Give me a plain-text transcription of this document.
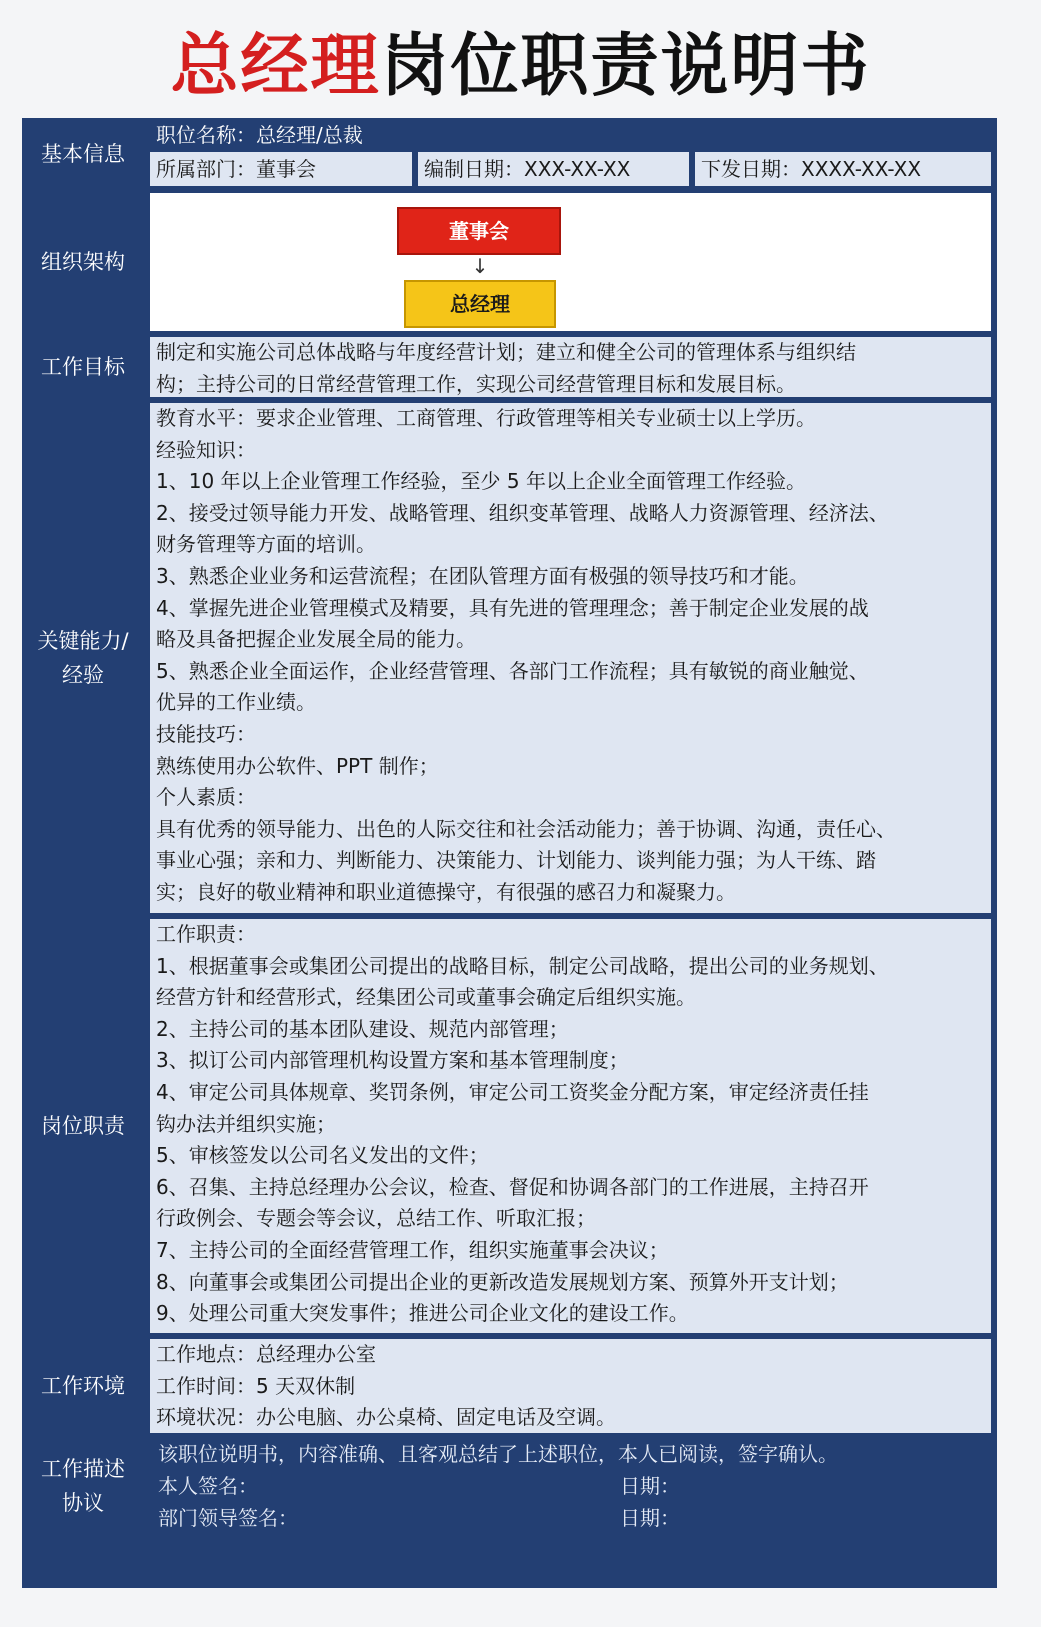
总经理岗位职责说明书
基本信息
职位名称：总经理/总裁
所属部门：董事会	编制日期：XXX-XX-XX	下发日期：XXXX-XX-XX
组织架构
董事会
↓
总经理
工作目标
制定和实施公司总体战略与年度经营计划；建立和健全公司的管理体系与组织结
构；主持公司的日常经营管理工作，实现公司经营管理目标和发展目标。
关键能力/
经验
教育水平：要求企业管理、工商管理、行政管理等相关专业硕士以上学历。
经验知识：
1、10 年以上企业管理工作经验，至少 5 年以上企业全面管理工作经验。
2、接受过领导能力开发、战略管理、组织变革管理、战略人力资源管理、经济法、
财务管理等方面的培训。
3、熟悉企业业务和运营流程；在团队管理方面有极强的领导技巧和才能。
4、掌握先进企业管理模式及精要，具有先进的管理理念；善于制定企业发展的战
略及具备把握企业发展全局的能力。
5、熟悉企业全面运作，企业经营管理、各部门工作流程；具有敏锐的商业触觉、
优异的工作业绩。
技能技巧：
熟练使用办公软件、PPT 制作；
个人素质：
具有优秀的领导能力、出色的人际交往和社会活动能力；善于协调、沟通，责任心、
事业心强；亲和力、判断能力、决策能力、计划能力、谈判能力强；为人干练、踏
实；良好的敬业精神和职业道德操守，有很强的感召力和凝聚力。
岗位职责
工作职责：
1、根据董事会或集团公司提出的战略目标，制定公司战略，提出公司的业务规划、
经营方针和经营形式，经集团公司或董事会确定后组织实施。
2、主持公司的基本团队建设、规范内部管理；
3、拟订公司内部管理机构设置方案和基本管理制度；
4、审定公司具体规章、奖罚条例，审定公司工资奖金分配方案，审定经济责任挂
钩办法并组织实施；
5、审核签发以公司名义发出的文件；
6、召集、主持总经理办公会议，检查、督促和协调各部门的工作进展，主持召开
行政例会、专题会等会议，总结工作、听取汇报；
7、主持公司的全面经营管理工作，组织实施董事会决议；
8、向董事会或集团公司提出企业的更新改造发展规划方案、预算外开支计划；
9、处理公司重大突发事件；推进公司企业文化的建设工作。
工作环境
工作地点：总经理办公室
工作时间：5 天双休制
环境状况：办公电脑、办公桌椅、固定电话及空调。
工作描述
协议
该职位说明书，内容准确、且客观总结了上述职位，本人已阅读，签字确认。
本人签名：	日期：
部门领导签名：	日期：
